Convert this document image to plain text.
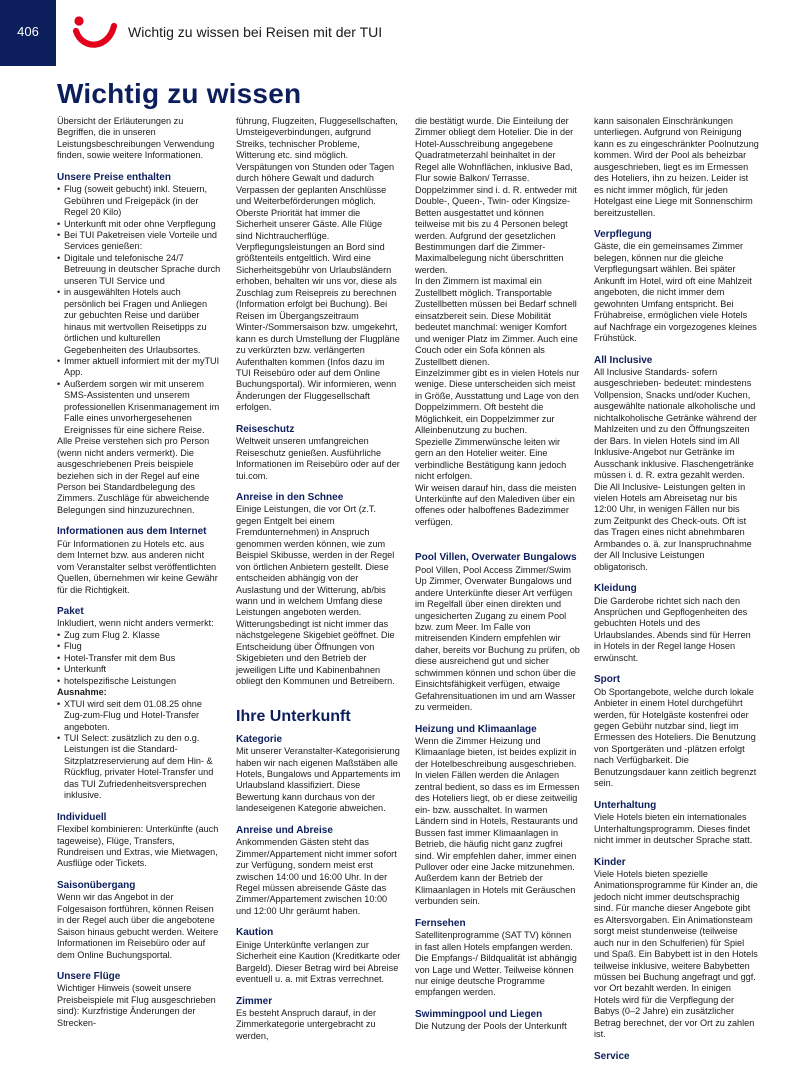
406	Wichtig zu wissen bei Reisen mit der TUI
Wichtig zu wissen

Übersicht der Erläuterungen zu Begriffen, die in unseren Leistungsbeschreibungen Verwendung finden, sowie weitere Informationen.

Unsere Preise enthalten
• Flug (soweit gebucht) inkl. Steuern, Gebühren und Freigepäck (in der Regel 20 Kilo)
• Unterkunft mit oder ohne Verpflegung
• Bei TUI Paketreisen viele Vorteile und Services genießen:
• Digitale und telefonische 24/7 Betreuung in deutscher Sprache durch unseren TUI Service und
• in ausgewählten Hotels auch persönlich bei Fragen und Anliegen zur gebuchten Reise und darüber hinaus mit wertvollen Reisetipps zu örtlichen und kulturellen Gegebenheiten des Urlaubsortes.
• Immer aktuell informiert mit der myTUI App.
• Außerdem sorgen wir mit unserem SMS-Assistenten und unserem professionellen Krisenmanagement im Falle eines unvorhergesehenen Ereignisses für eine sichere Reise.

Alle Preise verstehen sich pro Person (wenn nicht anders vermerkt). Die ausgeschriebenen Preis beispiele beziehen sich in der Regel auf eine Person bei Standardbelegung des Zimmers. Zuschläge für abweichende Belegungen sind hinzuzurechnen.

Informationen aus dem Internet

Für Informationen zu Hotels etc. aus dem Internet bzw. aus anderen nicht vom Veranstalter selbst veröffentlichten Quellen, übernehmen wir keine Gewähr für die Richtigkeit.

Paket

Inkludiert, wenn nicht anders vermerkt:

• Zug zum Flug 2. Klasse
• Flug
• Hotel-Transfer mit dem Bus
• Unterkunft
• hotelspezifische Leistungen

Ausnahme:

• XTUI wird seit dem 01.08.25 ohne Zug-zum-Flug und Hotel-Transfer angeboten.
• TUI Select: zusätzlich zu den o.g. Leistungen ist die Standard-Sitzplatzreservierung auf dem Hin- & Rückflug, privater Hotel-Transfer und das TUI Zufriedenheitsversprechen inklusive.
Individuell

Flexibel kombinieren: Unterkünfte (auch tageweise), Flüge, Transfers, Rundreisen und Extras, wie Mietwagen, Ausflüge oder Tickets.

Saisonübergang

Wenn wir das Angebot in der Folgesaison fortführen, können Reisen in der Regel auch über die angebotene Saison hinaus gebucht werden. Weitere Informationen im Reisebüro oder auf dem Online Buchungsportal.

Unsere Flüge

Wichtiger Hinweis (soweit unsere Preisbeispiele mit Flug ausgeschrieben sind): Kurzfristige Änderungen der Strecken-

führung, Flugzeiten, Fluggesellschaften, Umsteigeverbindungen, aufgrund Streiks, technischer Probleme, Witterung etc. sind möglich. Verspätungen von Stunden oder Tagen durch höhere Gewalt und dadurch Verpassen der geplanten Anschlüsse und Weiterbeförderungen möglich. Oberste Priorität hat immer die Sicherheit unserer Gäste. Alle Flüge sind Nichtraucherflüge. Verpflegungsleistungen an Bord sind größtenteils entgeltlich. Wird eine Sicherheitsgebühr von Urlaubsländern erhoben, behalten wir uns vor, diese als Zuschlag zum Reisepreis zu berechnen (Information erfolgt bei Buchung). Bei Reisen im Übergangszeitraum Winter-/Sommersaison bzw. umgekehrt, kann es durch Umstellung der Flugpläne zu verkürzten bzw. verlängerten Aufenthalten kommen (Infos dazu im TUI Reisebüro oder auf dem Online Buchungsportal). Wir informieren, wenn Änderungen der Fluggesellschaft erfolgen.

Reiseschutz

Weltweit unseren umfangreichen Reiseschutz genießen. Ausführliche Informationen im Reisebüro oder auf der tui.com.

Anreise in den Schnee

Einige Leistungen, die vor Ort (z.T. gegen Entgelt bei einem Fremdunternehmen) in Anspruch genommen werden können, wie zum Beispiel Skibusse, werden in der Regel von örtlichen Anbietern gestellt. Diese entscheiden abhängig von der Auslastung und der Witterung, ab/bis wann und in welchem Umfang diese Leistungen angeboten werden. Witterungsbedingt ist nicht immer das nächstgelegene Skigebiet geöffnet. Die Entscheidung über Öffnungen von Skigebieten und den Betrieb der jeweiligen Lifte und Kabinenbahnen obliegt den Kommunen und Betreibern.

Ihre Unterkunft
Kategorie

Mit unserer Veranstalter-Kategorisierung haben wir nach eigenen Maßstäben alle Hotels, Bungalows und Appartements im Urlaubsland klassifiziert. Diese Bewertung kann durchaus von der landeseigenen Kategorie abweichen.

Anreise und Abreise

Ankommenden Gästen steht das Zimmer/Appartement nicht immer sofort zur Verfügung, sondern meist erst zwischen 14:00 und 16:00 Uhr. In der Regel müssen abreisende Gäste das Zimmer/Appartement zwischen 10:00 und 12:00 Uhr geräumt haben.

Kaution

Einige Unterkünfte verlangen zur Sicherheit eine Kaution (Kreditkarte oder Bargeld). Dieser Betrag wird bei Abreise eventuell u. a. mit Extras verrechnet.

Zimmer

Es besteht Anspruch darauf, in der Zimmerkategorie untergebracht zu werden,

die bestätigt wurde. Die Einteilung der Zimmer obliegt dem Hotelier. Die in der Hotel-Ausschreibung angegebene Quadratmeterzahl beinhaltet in der Regel alle Wohnflächen, inklusive Bad, Flur sowie Balkon/ Terrasse. Doppelzimmer sind i. d. R. entweder mit Double-, Queen-, Twin- oder Kingsize-Betten ausgestattet und können teilweise mit bis zu 4 Personen belegt werden. Aufgrund der gesetzlichen Bestimmungen darf die Zimmer-Maximalbelegung nicht überschritten werden.

In den Zimmern ist maximal ein Zustellbett möglich. Transportable Zustellbetten müssen bei Bedarf schnell einsatzbereit sein. Diese Mobilität bedeutet manchmal: weniger Komfort und weniger Platz im Zimmer. Auch eine Couch oder ein Sofa können als Zustellbett dienen.

Einzelzimmer gibt es in vielen Hotels nur wenige. Diese unterscheiden sich meist in Größe, Ausstattung und Lage von den Doppelzimmern. Oft besteht die Möglichkeit, ein Doppelzimmer zur Alleinbenutzung zu buchen.

Spezielle Zimmerwünsche leiten wir gern an den Hotelier weiter. Eine verbindliche Bestätigung kann jedoch nicht erfolgen.

Wir weisen darauf hin, dass die meisten Unterkünfte auf den Malediven über ein offenes oder halboffenes Badezimmer verfügen.

Pool Villen, Overwater Bungalows

Pool Villen, Pool Access Zimmer/Swim Up Zimmer, Overwater Bungalows und andere Unterkünfte dieser Art verfügen im Regelfall über einen direkten und ungesicherten Zugang zu einem Pool bzw. zum Meer. Im Falle von mitreisenden Kindern empfehlen wir daher, bereits vor Buchung zu prüfen, ob diese ausreichend gut und sicher schwimmen können und schon über die Einsichtsfähigkeit verfügen, etwaige Gefahrensituationen im und am Wasser zu vermeiden.

Heizung und Klimaanlage

Wenn die Zimmer Heizung und Klimaanlage bieten, ist beides explizit in der Hotelbeschreibung ausgeschrieben. In vielen Fällen werden die Anlagen zentral bedient, so dass es im Ermessen des Hoteliers liegt, ob er diese zeitweilig ein- bzw. ausschaltet. In warmen Ländern sind in Hotels, Restaurants und Bussen fast immer Klimaanlagen in Betrieb, die häufig nicht ganz zugfrei sind. Wir empfehlen daher, immer einen Pullover oder eine Jacke mitzunehmen. Außerdem kann der Betrieb der Klimaanlagen in Hotels mit Geräuschen verbunden sein.

Fernsehen

Satellitenprogramme (SAT TV) können in fast allen Hotels empfangen werden. Die Empfangs-/ Bildqualität ist abhängig von Lage und Wetter. Teilweise können nur einige deutsche Programme empfangen werden.

Swimmingpool und Liegen

Die Nutzung der Pools der Unterkunft

kann saisonalen Einschränkungen unterliegen. Aufgrund von Reinigung kann es zu eingeschränkter Poolnutzung kommen. Wird der Pool als beheizbar ausgeschrieben, liegt es im Ermessen des Hoteliers, ihn zu heizen. Leider ist es nicht immer möglich, für jeden Hotelgast eine Liege mit Sonnenschirm bereitzustellen.

Verpflegung

Gäste, die ein gemeinsames Zimmer belegen, können nur die gleiche Verpflegungsart wählen. Bei später Ankunft im Hotel, wird oft eine Mahlzeit angeboten, die nicht immer dem gewohnten Umfang entspricht. Bei Frühabreise, ermöglichen viele Hotels auf Nachfrage ein vorgezogenes kleines Frühstück.

All Inclusive

All Inclusive Standards- sofern ausgeschrieben- bedeutet: mindestens Vollpension, Snacks und/oder Kuchen, ausgewählte nationale alkoholische und nichtalkoholische Getränke während der Mahlzeiten und zu den Öffnungszeiten der Bars. In vielen Hotels sind im All Inklusive-Angebot nur Getränke im Ausschank inklusive. Flaschengetränke müssen i. d. R. extra gezahlt werden. Die All Inclusive- Leistungen gelten in vielen Hotels am Abreisetag nur bis 12:00 Uhr, in wenigen Fällen nur bis zum Zeitpunkt des Check-outs. Oft ist das Tragen eines nicht abnehmbaren Armbandes o. ä. zur Inanspruchnahme der All Inclusive Leistungen obligatorisch.

Kleidung

Die Garderobe richtet sich nach den Ansprüchen und Gepflogenheiten des gebuchten Hotels und des Urlaubslandes. Abends sind für Herren in Hotels in der Regel lange Hosen erwünscht.

Sport

Ob Sportangebote, welche durch lokale Anbieter in einem Hotel durchgeführt werden, für Hotelgäste kostenfrei oder gegen Gebühr nutzbar sind, liegt im Ermessen des Hoteliers. Die Benutzung von Sportgeräten und -plätzen erfolgt nach Verfügbarkeit. Die Benutzungsdauer kann zeitlich begrenzt sein.

Unterhaltung

Viele Hotels bieten ein internationales Unterhaltungsprogramm. Dieses findet nicht immer in deutscher Sprache statt.

Kinder

Viele Hotels bieten spezielle Animationsprogramme für Kinder an, die jedoch nicht immer deutschsprachig sind. Für manche dieser Angebote gibt es Altersvorgaben. Ein Animationsteam sorgt meist stundenweise (teilweise auch nur in den Schulferien) für Spiel und Spaß. Ein Babybett ist in den Hotels teilweise inklusive, weitere Babybetten müssen bei Buchung angefragt und ggf. vor Ort bezahlt werden. In einigen Hotels wird für die Verpflegung der Babys (0–2 Jahre) ein zusätzlicher Betrag berechnet, der vor Ort zu zahlen ist.

Service
